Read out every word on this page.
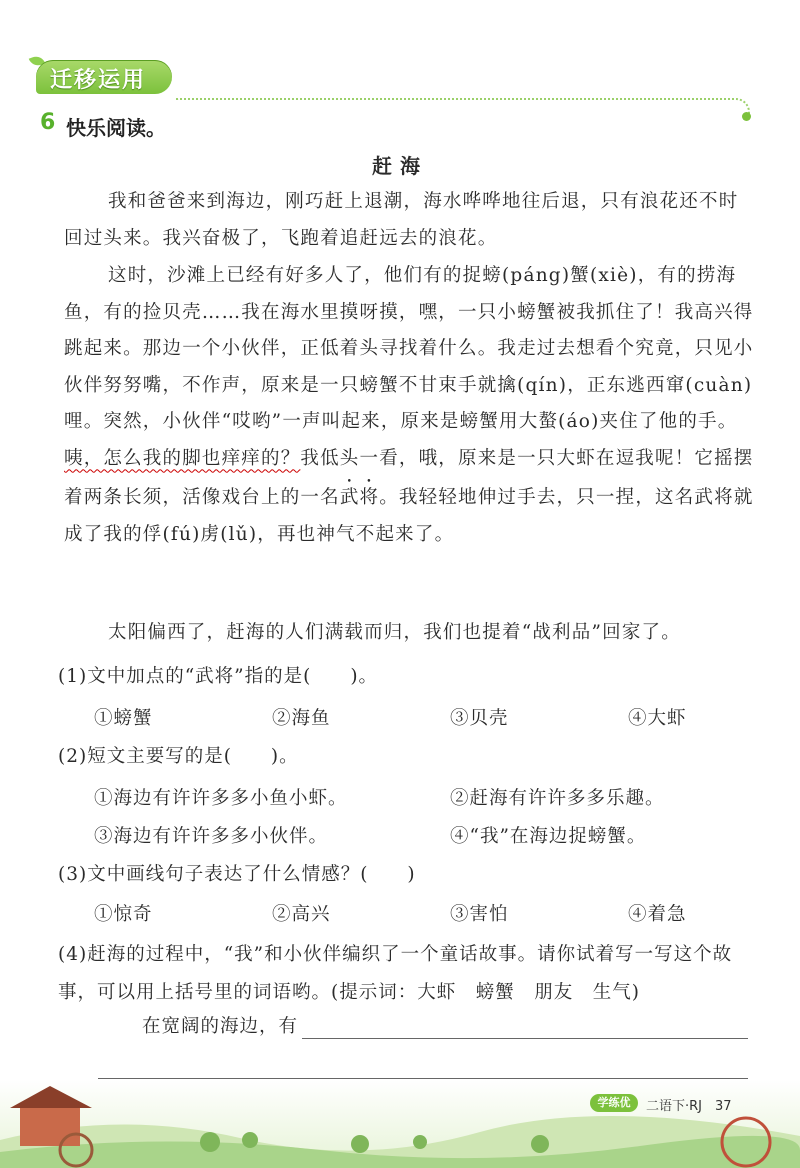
迁移运用
6 快乐阅读。
赶海
我和爸爸来到海边，刚巧赶上退潮，海水哗哗地往后退，只有浪花还不时回过头来。我兴奋极了，飞跑着追赶远去的浪花。
这时，沙滩上已经有好多人了，他们有的捉螃(páng)蟹(xiè)，有的捞海鱼，有的捡贝壳……我在海水里摸呀摸，嘿，一只小螃蟹被我抓住了！我高兴得跳起来。那边一个小伙伴，正低着头寻找着什么。我走过去想看个究竟，只见小伙伴努努嘴，不作声，原来是一只螃蟹不甘束手就擒(qín)，正东逃西窜(cuàn)哩。突然，小伙伴“哎哟”一声叫起来，原来是螃蟹用大螯(áo)夹住了他的手。咦，怎么我的脚也痒痒的？我低头一看，哦，原来是一只大虾在逗我呢！它摇摆着两条长须，活像戏台上的一名武将。我轻轻地伸过手去，只一捏，这名武将就成了我的俘(fú)虏(lǔ)，再也神气不起来了。
太阳偏西了，赶海的人们满载而归，我们也提着“战利品”回家了。
(1)文中加点的“武将”指的是(　　)。
①螃蟹	②海鱼	③贝壳	④大虾
(2)短文主要写的是(　　)。
①海边有许许多多小鱼小虾。	②赶海有许许多多乐趣。
③海边有许许多多小伙伴。	④“我”在海边捉螃蟹。
(3)文中画线句子表达了什么情感？(　　)
①惊奇	②高兴	③害怕	④着急
(4)赶海的过程中，“我”和小伙伴编织了一个童话故事。请你试着写一写这个故事，可以用上括号里的词语哟。(提示词：大虾　螃蟹　朋友　生气)
在宽阔的海边，有
学练优	二语下·RJ　37
